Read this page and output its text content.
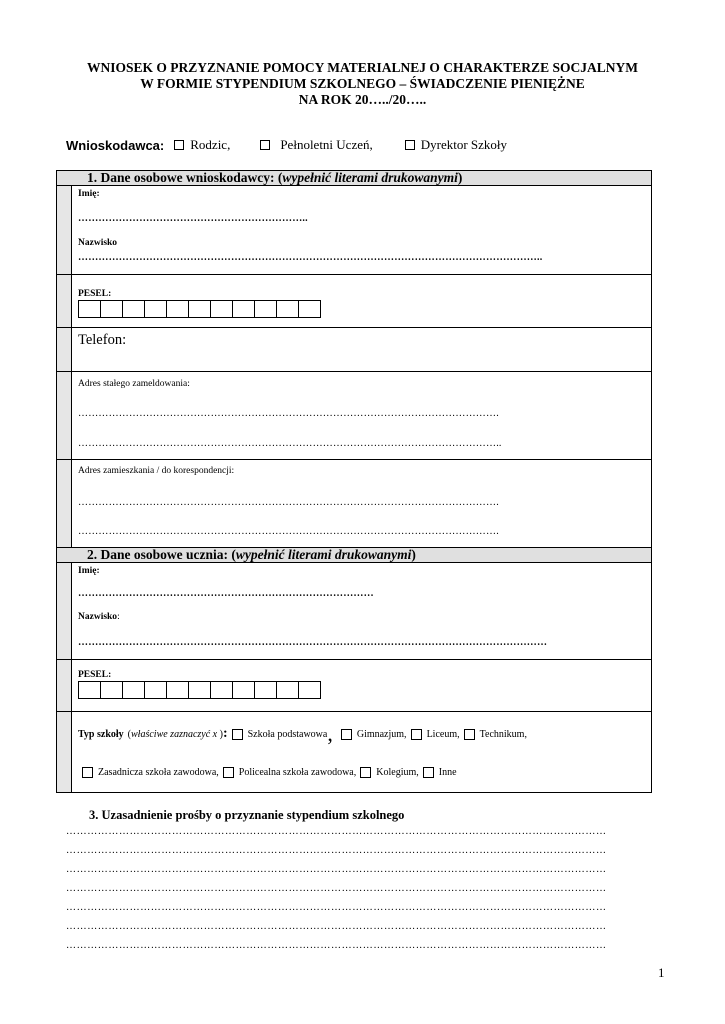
WNIOSEK O PRZYZNANIE POMOCY MATERIALNEJ O CHARAKTERZE SOCJALNYM
W FORMIE STYPENDIUM SZKOLNEGO – ŚWIADCZENIE PIENIĘŻNE
NA ROK 20…../20…..
Wnioskodawca: Rodzic,	Pełnoletni Uczeń,	Dyrektor Szkoły
1. Dane osobowe wnioskodawcy: (wypełnić literami drukowanymi)
Imię:
…………………………………………………………..
Nazwisko
………………………………………………………………………………………………………………………..
PESEL:
Telefon:
Adres stałego zameldowania:
…………………………………………………………………………………………………………….
……………………………………………………………………………………………………………..
Adres zamieszkania / do korespondencji:
…………………………………………………………………………………………………………….
…………………………………………………………………………………………………………….
2. Dane osobowe ucznia: (wypełnić literami drukowanymi)
Imię:
……………………………………………………………………………
Nazwisko:
…………………………………………………………………………………………………………………………
PESEL:
Typ szkoły ( właściwe zaznaczyć x ) : Szkoła podstawowa , Gimnazjum, Liceum, Technikum,
Zasadnicza szkoła zawodowa, Policealna szkoła zawodowa, Kolegium, Inne
3. Uzasadnienie prośby o przyznanie stypendium szkolnego
………………………………………………………………………………………………………………………………………
………………………………………………………………………………………………………………………………………
………………………………………………………………………………………………………………………………………
………………………………………………………………………………………………………………………………………
………………………………………………………………………………………………………………………………………
………………………………………………………………………………………………………………………………………
………………………………………………………………………………………………………………………………………
1
